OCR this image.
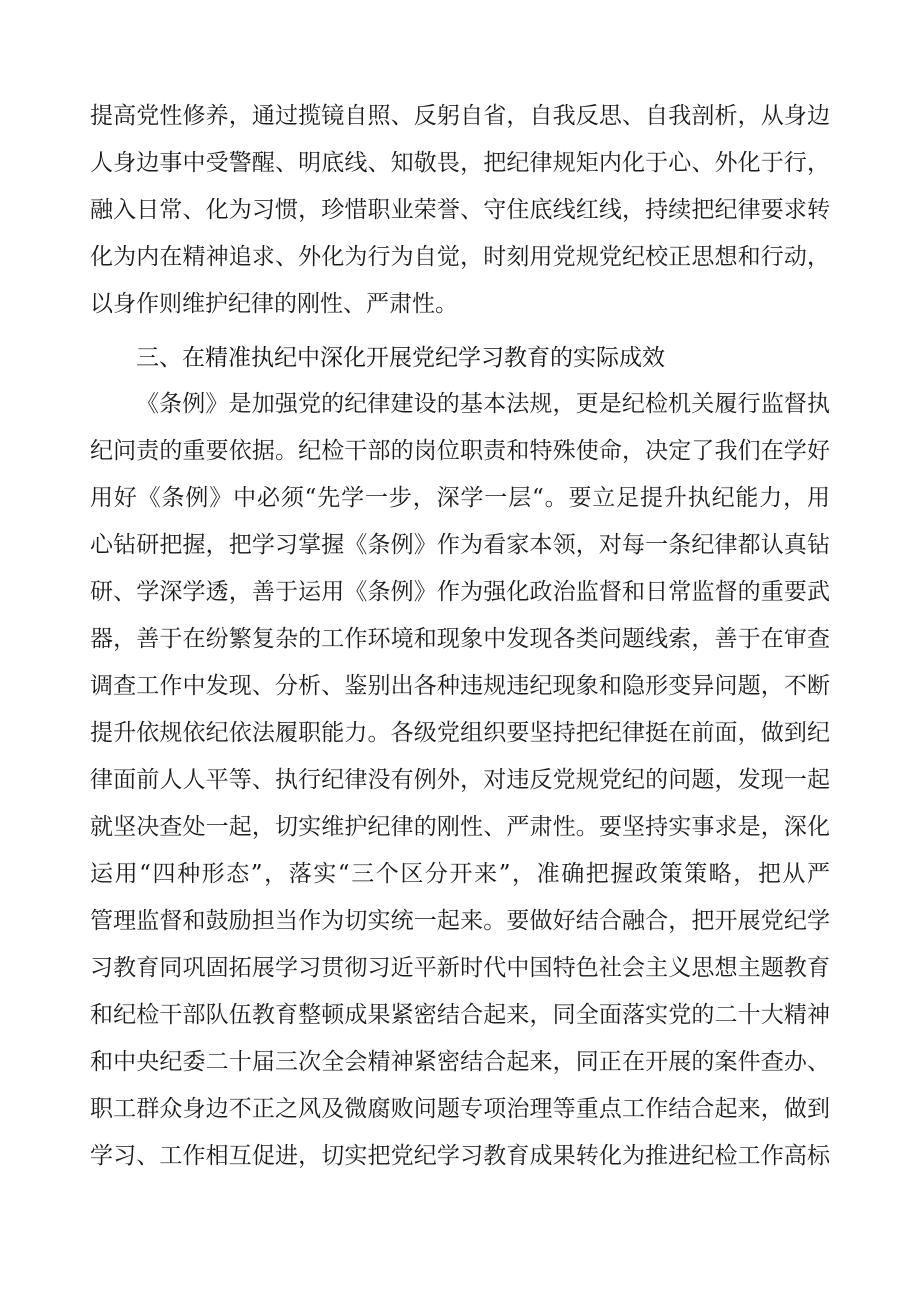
提高党性修养，通过揽镜自照、反躬自省，自我反思、自我剖析，从身边
人身边事中受警醒、明底线、知敬畏，把纪律规矩内化于心、外化于行，
融入日常、化为习惯，珍惜职业荣誉、守住底线红线，持续把纪律要求转
化为内在精神追求、外化为行为自觉，时刻用党规党纪校正思想和行动，
以身作则维护纪律的刚性、严肃性。
三、在精准执纪中深化开展党纪学习教育的实际成效
《条例》是加强党的纪律建设的基本法规，更是纪检机关履行监督执
纪问责的重要依据。纪检干部的岗位职责和特殊使命，决定了我们在学好
用好《条例》中必须“先学一步，深学一层“。要立足提升执纪能力，用
心钻研把握，把学习掌握《条例》作为看家本领，对每一条纪律都认真钻
研、学深学透，善于运用《条例》作为强化政治监督和日常监督的重要武
器，善于在纷繁复杂的工作环境和现象中发现各类问题线索，善于在审查
调查工作中发现、分析、鉴别出各种违规违纪现象和隐形变异问题，不断
提升依规依纪依法履职能力。各级党组织要坚持把纪律挺在前面，做到纪
律面前人人平等、执行纪律没有例外，对违反党规党纪的问题，发现一起
就坚决查处一起，切实维护纪律的刚性、严肃性。要坚持实事求是，深化
运用“四种形态”，落实“三个区分开来”，准确把握政策策略，把从严
管理监督和鼓励担当作为切实统一起来。要做好结合融合，把开展党纪学
习教育同巩固拓展学习贯彻习近平新时代中国特色社会主义思想主题教育
和纪检干部队伍教育整顿成果紧密结合起来，同全面落实党的二十大精神
和中央纪委二十届三次全会精神紧密结合起来，同正在开展的案件查办、
职工群众身边不正之风及微腐败问题专项治理等重点工作结合起来，做到
学习、工作相互促进，切实把党纪学习教育成果转化为推进纪检工作高标
